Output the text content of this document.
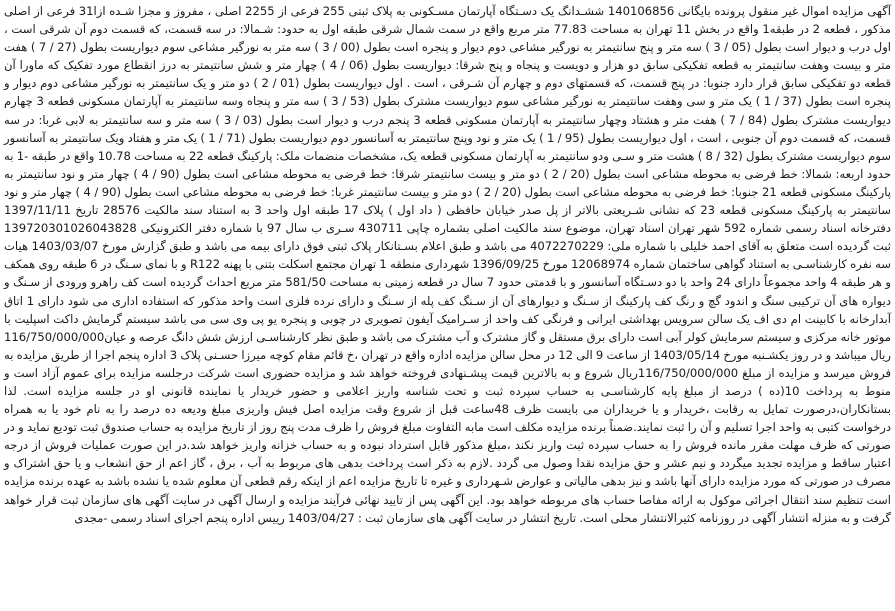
آگهی مزایده اموال غیر منقول پرونده بایگانی 140106856 ششـدانگ یک دسـتگاه آپارتمان مسـکونی به پلاک ثبتی 255 فرعی از 2255 اصلی ، مفروز و مجزا شـده ازا31 فرعی از اصلی مذکور ، قطعه 2 در طبقه1 واقع در بخش 11 تهران به مساحت 77.83 متر مربع واقع در سمت شمال شرقی طبقه اول به حدود: شـمالا: در سه قسمت، که قسمت دوم آن شرقی است ، اول درب و دیوار است بطول (05 / 3 ) سه متر و پنج سانتیمتر به نورگیر مشاعی دوم دیوار و پنجره است بطول (00 / 3 ) سه متر به نورگیر مشاعی سوم دیواریست بطول (27 / 7 ) هفت متر و بیست وهفت سانتیمتر به قطعه تفکیکی سابق دو هزار و دویست و پنجاه و پنج شرقا: دیواریست بطول (06 / 4 ) چهار متر و شش سانتیمتر به درز انقطاع مورد تفکیک که ماورا آن قطعه دو تفکیکی سابق قرار دارد جنوبا: در پنج قسمت، که قسمتهای دوم و چهارم آن شـرقی ، است . اول دیواریست بطول (01 / 2 ) دو متر و یک سانتیمتر به نورگیر مشاعی دوم دیوار و پنجره است بطول (37 / 1 ) یک متر و سی وهفت سانتیمتر به نورگیر مشاعی سوم دیواریست مشترک بطول (53 / 3 ) سه متر و پنجاه وسه سانتیمتر به آپارتمان مسکونی قطعه 3 چهارم دیواریست مشترک بطول (84 / 7 ) هفت متر و هشتاد وچهار سانتیمتر به آپارتمان مسکونی قطعه 3 پنجم درب و دیوار است بطول (03 / 3 ) سه متر و سه سانتیمتر به لابی غربا: در سه قسمت، که قسمت دوم آن جنوبی ، است ، اول دیواریست بطول (95 / 1 ) یک متر و نود وپنج سانتیمتر به آسانسور دوم دیواریست بطول (71 / 1 ) یک متر و هفتاد ویک سانتیمتر به آسانسور سوم دیواریست مشترک بطول (32 / 8 ) هشت متر و سـی ودو سانتیمتر به آپارتمان مسکونی قطعه یک، مشخصات منضمات ملک: پارکینگ قطعه 22 به مساحت 10.78 واقع در طبقه -1 به حدود اربعه: شمالا: خط فرضی به محوطه مشاعی است بطول (20 / 2 ) دو متر و بیست سانتیمتر شرقا: خط فرضی به محوطه مشاعی است بطول (90 / 4 ) چهار متر و نود سانتیمتر به پارکینگ مسکونی قطعه 21 جنوبا: خط فرضی به محوطه مشاعی است بطول (20 / 2 ) دو متر و بیست سانتیمتر غربا: خط فرضی به محوطه مشاعی است بطول (90 / 4 ) چهار متر و نود سانتیمتر به پارکینگ مسکونی قطعه 23 که نشانی شـریعتی بالاتر از پل صدر خیابان حافظی ( داد اول ) پلاک 17 طبقه اول واحد 3 به استناد سند مالکیت 28576 تاریخ 1397/11/11 دفترخانه اسناد رسمی شماره 592 شهر تهران اسناد تهران، موضوع سند مالکیت اصلی بشماره چاپی 430711 سـری ب سال 97 با شماره دفتر الکترونیکی 139720301026043828 ثبت گردیده است متعلق به آقای احمد خلیلی با شماره ملی: 4072270229 می باشد و طبق اعلام بسـتانکار پلاک ثبتی فوق دارای بیمه می باشد و طبق گزارش مورخ 1403/03/07 هیات سه نفره کارشناسـی به استناد گواهی ساختمان شماره 12068974 مورخ 1396/09/25 شهرداری منطقه 1 تهران مجتمع اسکلت بتنی با پهنه R122 و با نمای سـنگ در 6 طبقه روی همکف و هر طبقه 4 واحد مجموعاً دارای 24 واحد با دو دسـتگاه آسانسور و با قدمتی حدود 7 سال در قطعه زمینی به مساحت 581/50 متر مربع احداث گردیده است کف راهرو ورودی از سـنگ و دیواره های آن ترکیبی سنگ و اندود گچ و رنگ کف پارکینگ از سـنگ و دیوارهای آن از سـنگ کف پله از سـنگ و دارای نرده فلزی است واحد مذکور که استفاده اداری می شود دارای 1 اتاق آبدارخانه با کابینت ام دی اف یک سالن سرویس بهداشتی ایرانی و فرنگی کف واحد از سـرامیک آیفون تصویری در چوبی و پنجره یو پی وی سی می باشد سیستم گرمایش داکت اسپلیت با موتور خانه مرکزی و سیستم سرمایش کولر آبی است دارای برق مستقل و گاز مشترک و آب مشترک می باشد و طبق نظر کارشناسـی ارزش شش دانگ عرصه و عیان116/750/000/000 ریال میباشد و در روز یکشـنبه مورخ 1403/05/14 از ساعت 9 الی 12 در محل سالن مزایده اداره واقع در تهران ،خ قائم مقام کوچه میرزا حسـنی پلاک 3 اداره پنجم اجرا از طریق مزایده به فروش میرسد و مزایده از مبلغ 116/750/000/000ریال شروع و به بالاترین قیمت پیشـنهادی فروخته خواهد شد و مزایده حضوری است شرکت درجلسه مزایده برای عموم آزاد است و منوط به پرداخت 10(ده ) درصد از مبلغ پایه کارشناسـی به حساب سپرده ثبت و تحت شناسه واریز اعلامی و حضور خریدار یا نماینده قانونی او در جلسه مزایده است. لذا بستانکاران،درصورت تمایل به رقابت ،خریدار و یا خریداران می بایست ظرف 48ساعت قبل از شروع وقت مزایده اصل فیش واریزی مبلغ ودیعه ده درصد را به نام خود یا به همراه درخواست کتبی به واحد اجرا تسلیم و آن را ثبت نمایند.ضمناً برنده مزایده مکلف است مابه التفاوت مبلغ فروش را ظرف مدت پنج روز از تاریخ مزایده به حساب صندوق ثبت تودیع نماید و در صورتی که ظرف مهلت مقرر مانده فروش را به حساب سپرده ثبت واریز نکند ،مبلغ مذکور قابل استرداد نبوده و به حساب خزانه واریز خواهد شد.در این صورت عملیات فروش از درجه اعتبار ساقط و مزایده تجدید میگردد و نیم عشر و حق مزایده نقدا وصول می گردد .لازم به ذکر است پرداخت بدهی های مربوط به آب ، برق ، گاز اعم از حق انشعاب و یا حق اشتراک و مصرف در صورتی که مورد مزایده دارای آنها باشد و نیز بدهی مالیاتی و عوارض شـهرداری و غیره تا تاریخ مزایده اعم از اینکه رقم قطعی آن معلوم شده یا نشده باشد به عهده برنده مزایده است تنظیم سند انتقال اجرائی موکول به ارائه مفاصا حساب های مربوطه خواهد بود. این آگهی پس از تایید نهائی فرآیند مزایده و ارسال آگهی در سایت آگهی های سازمان ثبت قرار خواهد گرفت و به منزله انتشار آگهی در روزنامه کثیرالانتشار محلی است. تاریخ انتشار در سایت آگهی های سازمان ثبت : 1403/04/27 رییس اداره پنجم اجرای اسناد رسمی -مجدی
